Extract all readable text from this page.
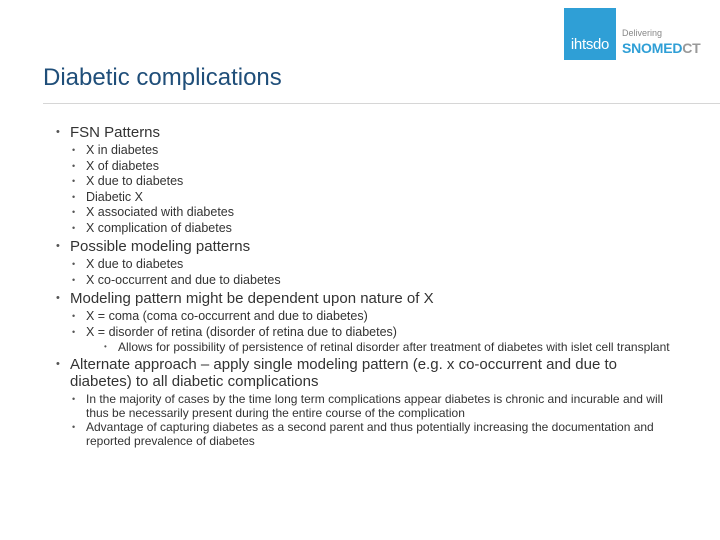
ihtsdo
Delivering
SNOMEDCT
Diabetic complications
• FSN Patterns
• X in diabetes
• X of diabetes
• X due to diabetes
• Diabetic X
• X associated with diabetes
• X complication of diabetes
• Possible modeling patterns
• X due to diabetes
• X co-occurrent and due to diabetes
• Modeling pattern might be dependent upon nature of X
• X = coma (coma co-occurrent and due to diabetes)
• X = disorder of retina (disorder of retina due to diabetes)
• Allows for possibility of persistence of retinal disorder after treatment of diabetes with islet cell transplant
• Alternate approach – apply single modeling pattern (e.g. x co-occurrent and due to diabetes) to all diabetic complications
• In the majority of cases by the time long term complications appear diabetes is chronic and incurable and will thus be necessarily present during the entire course of the complication
• Advantage of capturing diabetes as a second parent and thus potentially increasing the documentation and reported prevalence of diabetes
